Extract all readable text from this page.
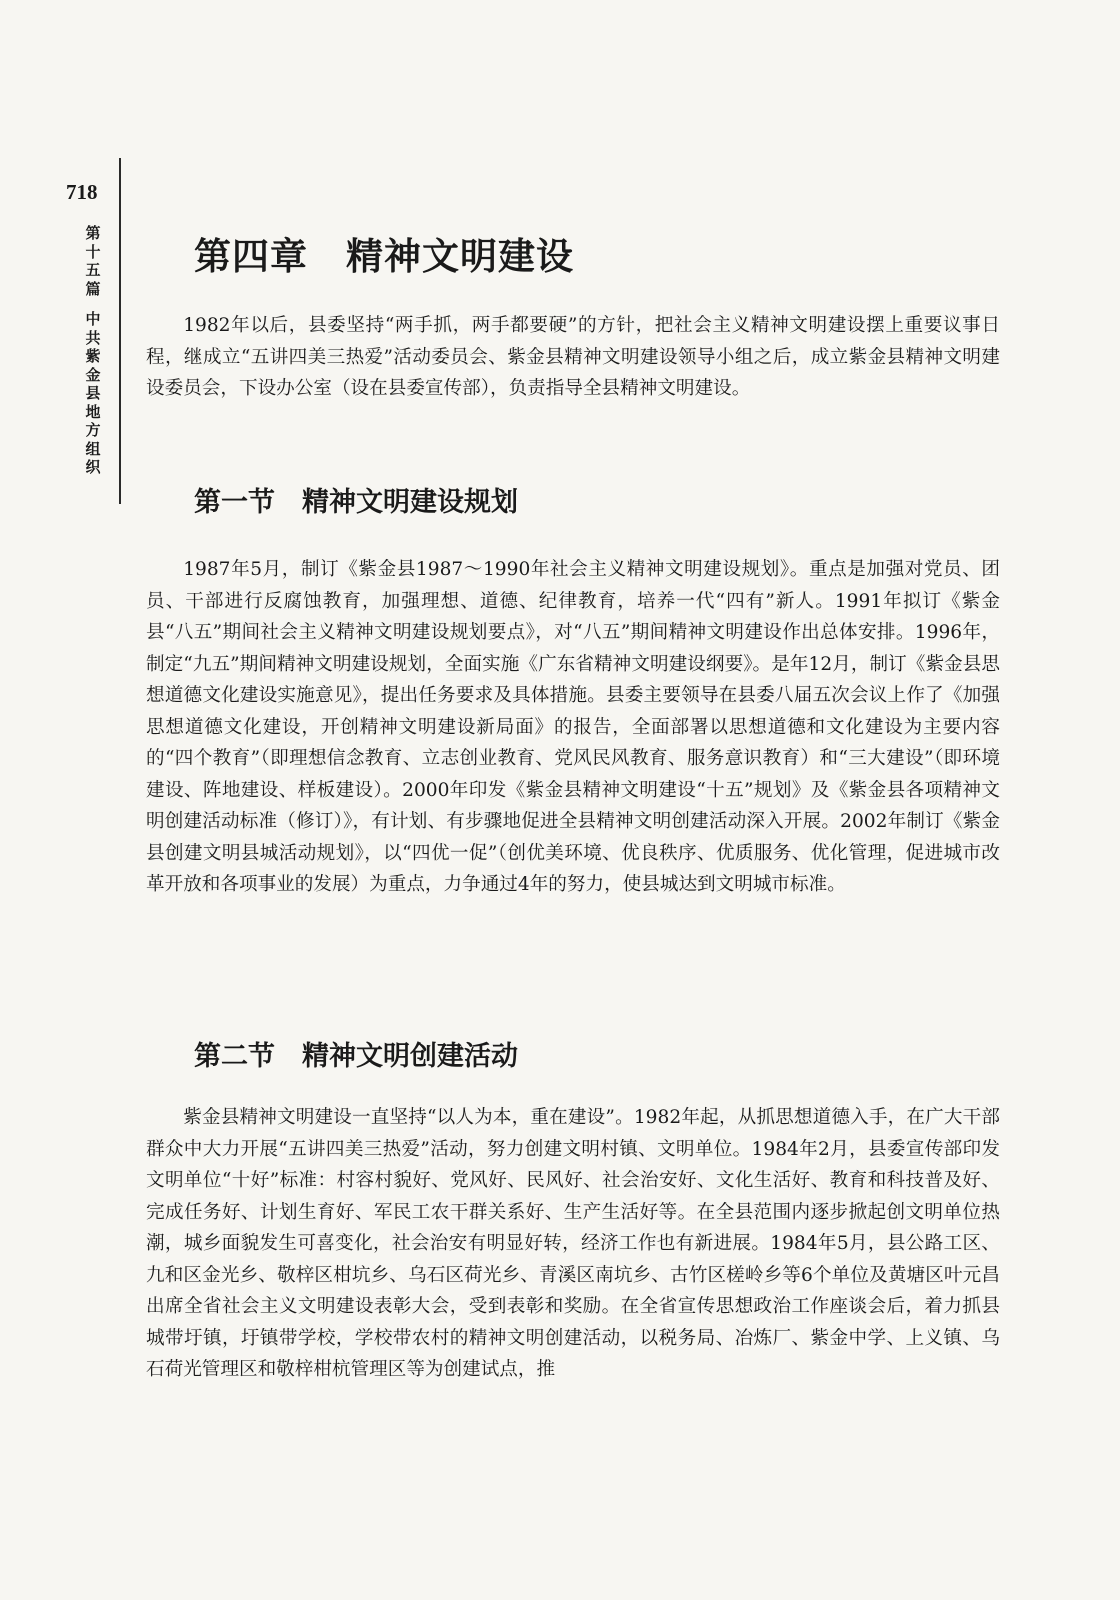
718
第十五篇
中共紫金县地方组织
第四章　精神文明建设

1982年以后，县委坚持“两手抓，两手都要硬”的方针，把社会主义精神文明建设摆上重要议事日程，继成立“五讲四美三热爱”活动委员会、紫金县精神文明建设领导小组之后，成立紫金县精神文明建设委员会，下设办公室（设在县委宣传部），负责指导全县精神文明建设。

第一节　精神文明建设规划

1987年5月，制订《紫金县1987～1990年社会主义精神文明建设规划》。重点是加强对党员、团员、干部进行反腐蚀教育，加强理想、道德、纪律教育，培养一代“四有”新人。1991年拟订《紫金县“八五”期间社会主义精神文明建设规划要点》，对“八五”期间精神文明建设作出总体安排。1996年，制定“九五”期间精神文明建设规划，全面实施《广东省精神文明建设纲要》。是年12月，制订《紫金县思想道德文化建设实施意见》，提出任务要求及具体措施。县委主要领导在县委八届五次会议上作了《加强思想道德文化建设，开创精神文明建设新局面》的报告，全面部署以思想道德和文化建设为主要内容的“四个教育”（即理想信念教育、立志创业教育、党风民风教育、服务意识教育）和“三大建设”（即环境建设、阵地建设、样板建设）。2000年印发《紫金县精神文明建设“十五”规划》及《紫金县各项精神文明创建活动标准（修订）》，有计划、有步骤地促进全县精神文明创建活动深入开展。2002年制订《紫金县创建文明县城活动规划》，以“四优一促”（创优美环境、优良秩序、优质服务、优化管理，促进城市改革开放和各项事业的发展）为重点，力争通过4年的努力，使县城达到文明城市标准。

第二节　精神文明创建活动

紫金县精神文明建设一直坚持“以人为本，重在建设”。1982年起，从抓思想道德入手，在广大干部群众中大力开展“五讲四美三热爱”活动，努力创建文明村镇、文明单位。1984年2月，县委宣传部印发文明单位“十好”标准：村容村貌好、党风好、民风好、社会治安好、文化生活好、教育和科技普及好、完成任务好、计划生育好、军民工农干群关系好、生产生活好等。在全县范围内逐步掀起创文明单位热潮，城乡面貌发生可喜变化，社会治安有明显好转，经济工作也有新进展。1984年5月，县公路工区、九和区金光乡、敬梓区柑坑乡、乌石区荷光乡、青溪区南坑乡、古竹区槎岭乡等6个单位及黄塘区叶元昌出席全省社会主义文明建设表彰大会，受到表彰和奖励。在全省宣传思想政治工作座谈会后，着力抓县城带圩镇，圩镇带学校，学校带农村的精神文明创建活动，以税务局、冶炼厂、紫金中学、上义镇、乌石荷光管理区和敬梓柑杭管理区等为创建试点，推
